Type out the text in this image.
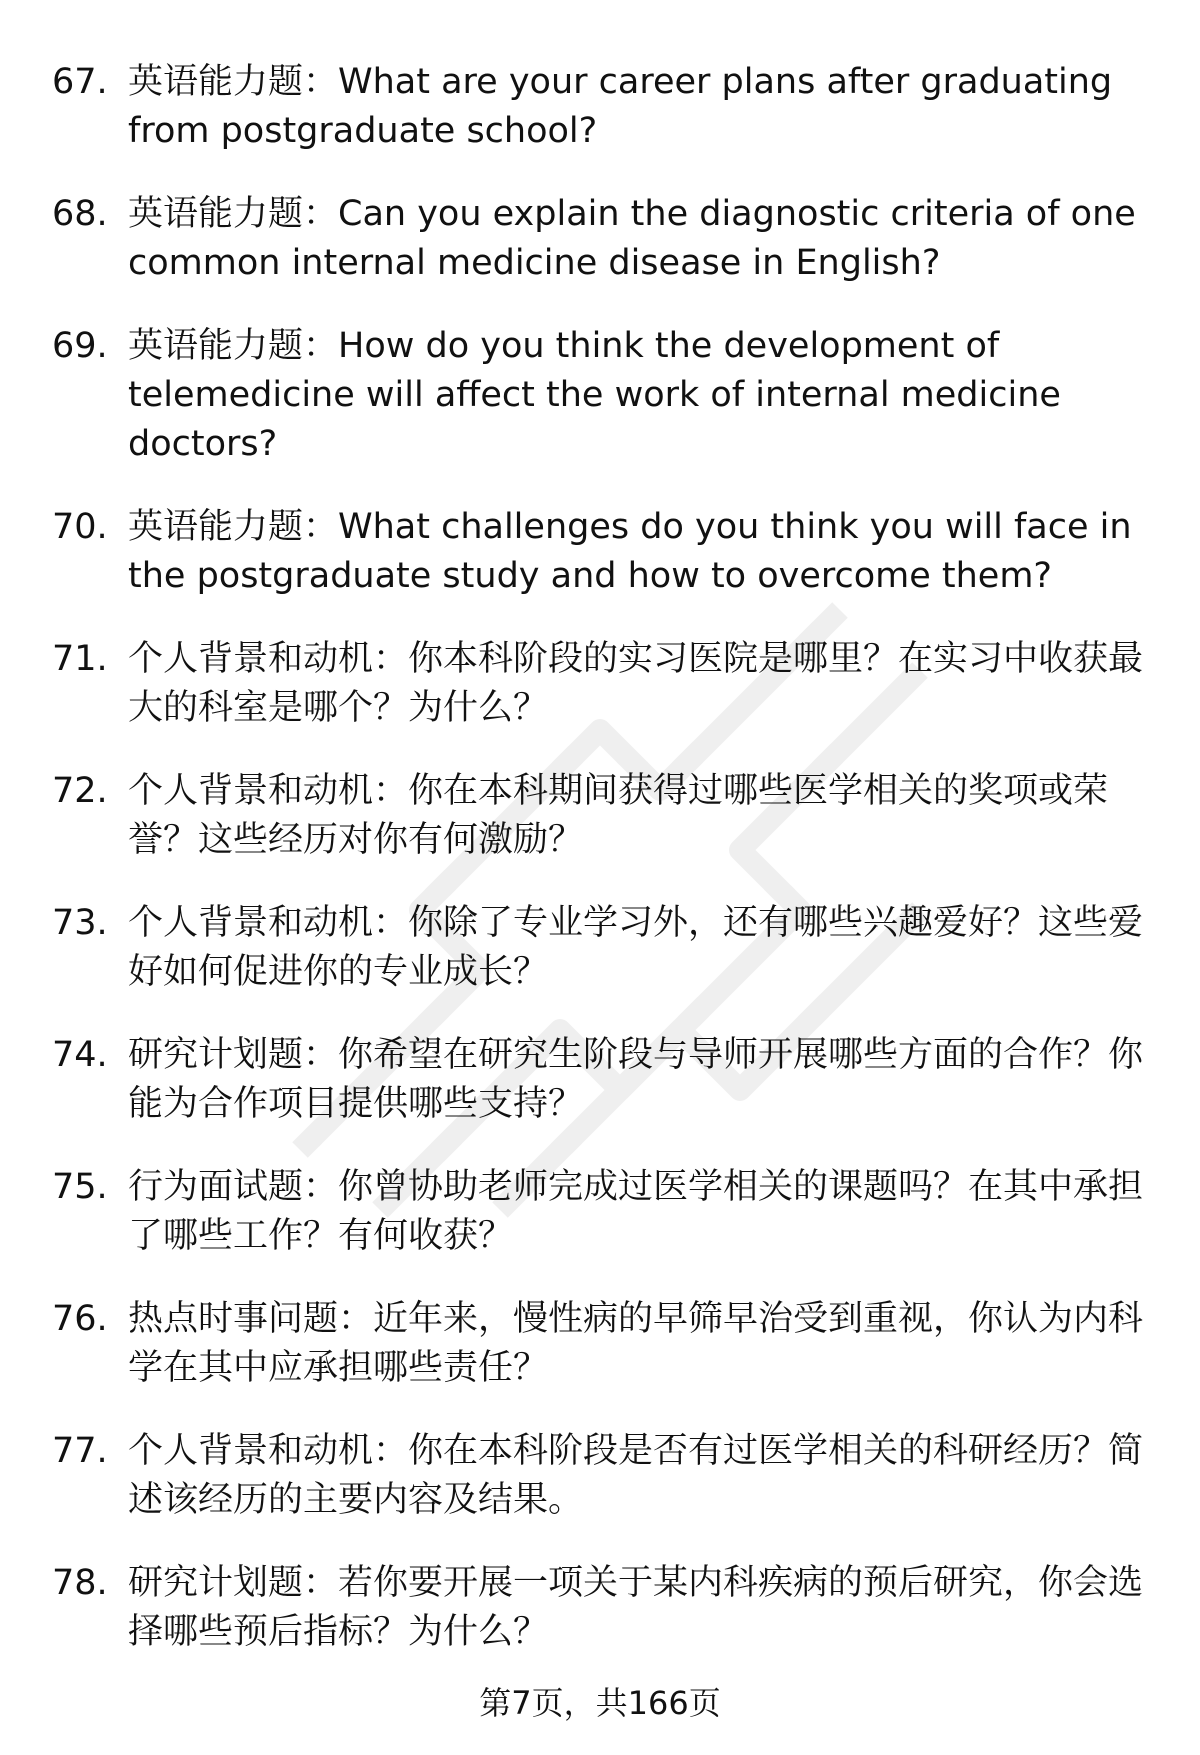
67. 英语能力题：What are your career plans after graduating from postgraduate school?
68. 英语能力题：Can you explain the diagnostic criteria of one common internal medicine disease in English?
69. 英语能力题：How do you think the development of telemedicine will affect the work of internal medicine doctors?
70. 英语能力题：What challenges do you think you will face in the postgraduate study and how to overcome them?
71. 个人背景和动机：你本科阶段的实习医院是哪里？在实习中收获最大的科室是哪个？为什么？
72. 个人背景和动机：你在本科期间获得过哪些医学相关的奖项或荣誉？这些经历对你有何激励？
73. 个人背景和动机：你除了专业学习外，还有哪些兴趣爱好？这些爱好如何促进你的专业成长？
74. 研究计划题：你希望在研究生阶段与导师开展哪些方面的合作？你能为合作项目提供哪些支持？
75. 行为面试题：你曾协助老师完成过医学相关的课题吗？在其中承担了哪些工作？有何收获？
76. 热点时事问题：近年来，慢性病的早筛早治受到重视，你认为内科学在其中应承担哪些责任？
77. 个人背景和动机：你在本科阶段是否有过医学相关的科研经历？简述该经历的主要内容及结果。
78. 研究计划题：若你要开展一项关于某内科疾病的预后研究，你会选择哪些预后指标？为什么？
第7页，共166页
